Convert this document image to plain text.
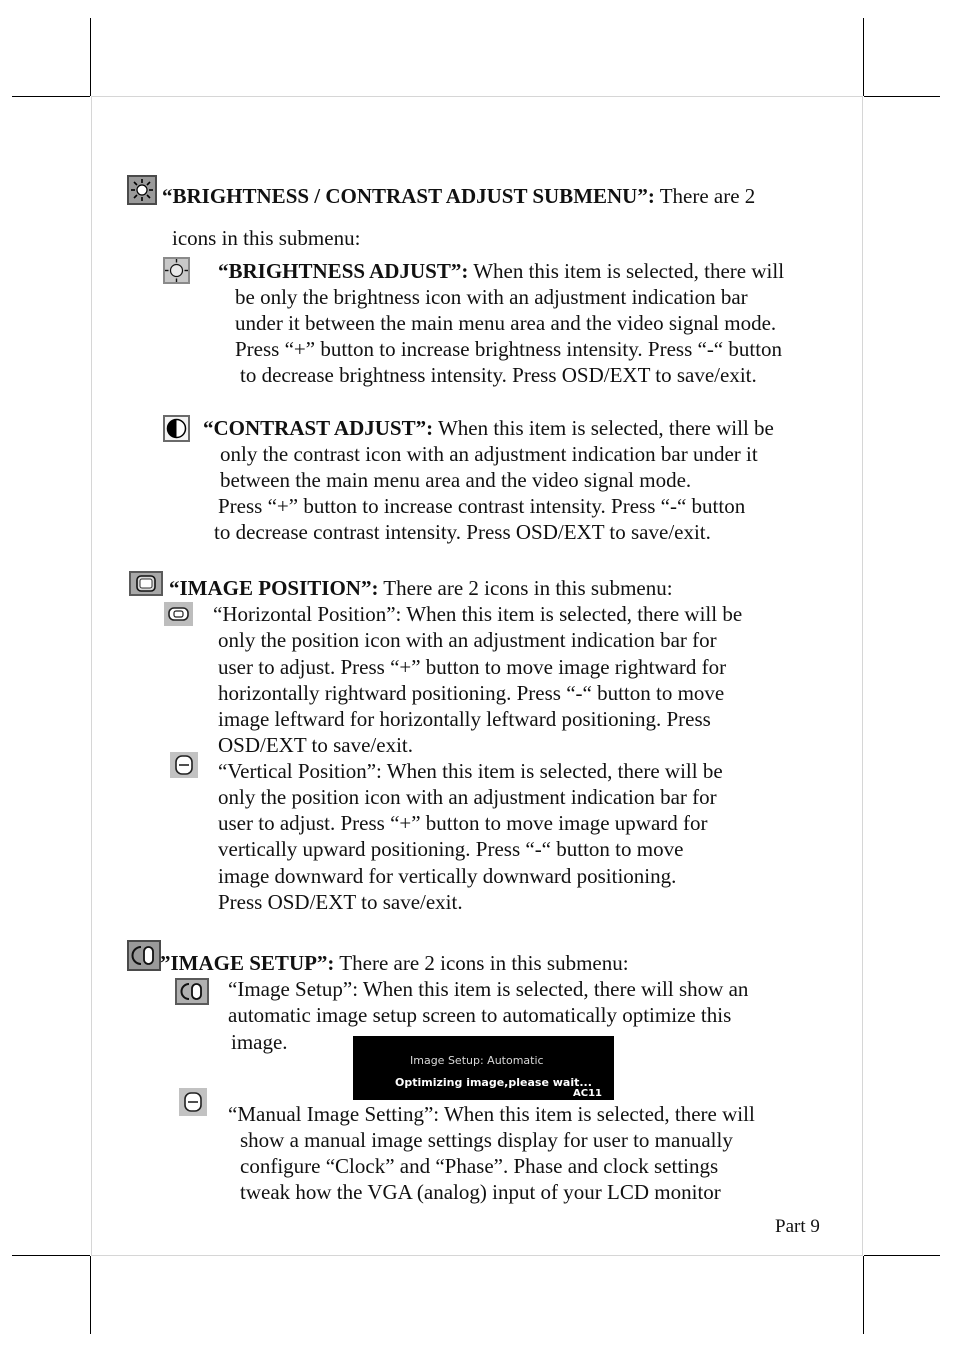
“BRIGHTNESS / CONTRAST ADJUST SUBMENU”: There are 2
icons in this submenu:
“BRIGHTNESS ADJUST”: When this item is selected, there will
be only the brightness icon with an adjustment indication bar
under it between the main menu area and the video signal mode.
Press “+” button to increase brightness intensity. Press “-“ button
to decrease brightness intensity. Press OSD/EXT to save/exit.
“CONTRAST ADJUST”: When this item is selected, there will be
only the contrast icon with an adjustment indication bar under it
between the main menu area and the video signal mode.
Press “+” button to increase contrast intensity. Press “-“ button
to decrease contrast intensity. Press OSD/EXT to save/exit.
“IMAGE POSITION”: There are 2 icons in this submenu:
“Horizontal Position”: When this item is selected, there will be
only the position icon with an adjustment indication bar for
user to adjust. Press “+” button to move image rightward for
horizontally rightward positioning. Press “-“ button to move
image leftward for horizontally leftward positioning. Press
OSD/EXT to save/exit.
“Vertical Position”: When this item is selected, there will be
only the position icon with an adjustment indication bar for
user to adjust. Press “+” button to move image upward for
vertically upward positioning. Press “-“ button to move
image downward for vertically downward positioning.
Press OSD/EXT to save/exit.
”IMAGE SETUP”: There are 2 icons in this submenu:
“Image Setup”: When this item is selected, there will show an
automatic image setup screen to automatically optimize this
image.
Image Setup: Automatic
Optimizing image,please wait...
AC11
“Manual Image Setting”: When this item is selected, there will
show a manual image settings display for user to manually
configure “Clock” and “Phase”. Phase and clock settings
tweak how the VGA (analog) input of your LCD monitor
Part 9
